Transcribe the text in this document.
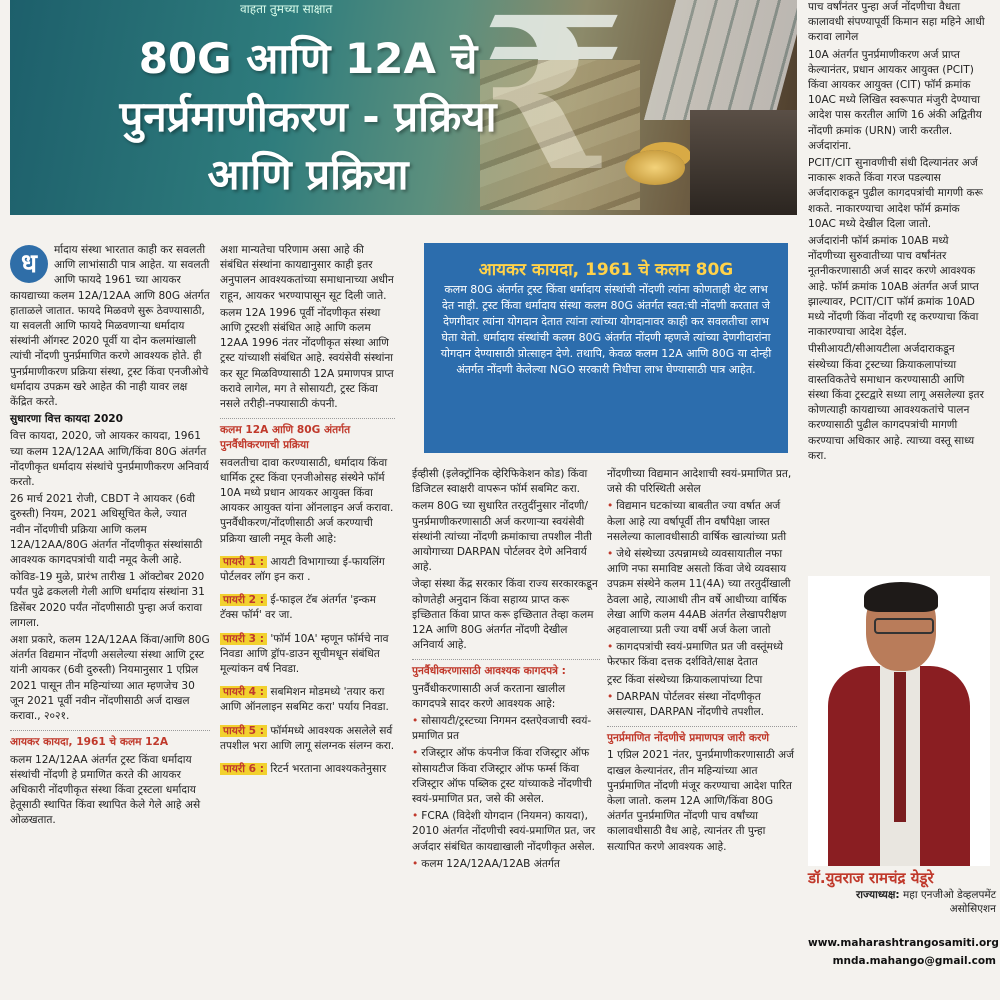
वाहता तुमच्या साक्षात
80G आणि 12A चे
पुनर्प्रमाणीकरण - प्रक्रिया
आणि प्रक्रिया
ध	र्मादाय संस्था भारतात काही कर सवलती आणि लाभांसाठी पात्र आहेत. या सवलती आणि फायदे 1961 च्या आयकर कायद्याच्या कलम 12A/12AA आणि 80G अंतर्गत हाताळले जातात. फायदे मिळवणे सुरू ठेवण्यासाठी, या सवलती आणि फायदे मिळवणाऱ्या धर्मादाय संस्थांनी ऑगस्ट 2020 पूर्वी या दोन कलमांखाली त्यांची नोंदणी पुनर्प्रमाणित करणे आवश्यक होते. ही पुनर्प्रमाणीकरण प्रक्रिया संस्था, ट्रस्ट किंवा एनजीओचे धर्मादाय उपक्रम खरे आहेत की नाही यावर लक्ष केंद्रित करते.

सुधारणा वित्त कायदा 2020

वित्त कायदा, 2020, जो आयकर कायदा, 1961 च्या कलम 12A/12AA आणि/किंवा 80G अंतर्गत नोंदणीकृत धर्मादाय संस्थांचे पुनर्प्रमाणीकरण अनिवार्य करतो.

26 मार्च 2021 रोजी, CBDT ने आयकर (6वी दुरुस्ती) नियम, 2021 अधिसूचित केले, ज्यात नवीन नोंदणीची प्रक्रिया आणि कलम 12A/12AA/80G अंतर्गत नोंदणीकृत संस्थांसाठी आवश्यक कागदपत्रांची यादी नमूद केली आहे.

कोविड-19 मुळे, प्रारंभ तारीख 1 ऑक्टोबर 2020 पर्यंत पुढे ढकलली गेली आणि धर्मादाय संस्थांना 31 डिसेंबर 2020 पर्यंत नोंदणीसाठी पुन्हा अर्ज करावा लागला.

अशा प्रकारे, कलम 12A/12AA किंवा/आणि 80G अंतर्गत विद्यमान नोंदणी असलेल्या संस्था आणि ट्रस्ट यांनी आयकर (6वी दुरुस्ती) नियमानुसार 1 एप्रिल 2021 पासून तीन महिन्यांच्या आत म्हणजेच 30 जून 2021 पूर्वी नवीन नोंदणीसाठी अर्ज दाखल करावा., २०२१.

आयकर कायदा, 1961 चे कलम 12A

कलम 12A/12AA अंतर्गत ट्रस्ट किंवा धर्मादाय संस्थांची नोंदणी हे प्रमाणित करते की आयकर अधिकारी नोंदणीकृत संस्था किंवा ट्रस्टला धर्मादाय हेतूसाठी स्थापित किंवा स्थापित केले गेले आहे असे ओळखतात.

अशा मान्यतेचा परिणाम असा आहे की संबंधित संस्थांना कायद्यानुसार काही इतर अनुपालन आवश्यकतांच्या समाधानाच्या अधीन राहून, आयकर भरण्यापासून सूट दिली जाते.

कलम 12A 1996 पूर्वी नोंदणीकृत संस्था आणि ट्रस्टशी संबंधित आहे आणि कलम 12AA 1996 नंतर नोंदणीकृत संस्था आणि ट्रस्ट यांच्याशी संबंधित आहे. स्वयंसेवी संस्थांना कर सूट मिळविण्यासाठी 12A प्रमाणपत्र प्राप्त करावे लागेल, मग ते सोसायटी, ट्रस्ट किंवा नसले तरीही-नफ्यासाठी कंपनी.

कलम 12A आणि 80G अंतर्गत पुनर्वैधीकरणाची प्रक्रिया

सवलतीचा दावा करण्यासाठी, धर्मादाय किंवा धार्मिक ट्रस्ट किंवा एनजीओसह संस्थेने फॉर्म 10A मध्ये प्रधान आयकर आयुक्त किंवा आयकर आयुक्त यांना ऑनलाइन अर्ज करावा. पुनर्वैधीकरण/नोंदणीसाठी अर्ज करण्याची प्रक्रिया खाली नमूद केली आहे:

पायरी 1 : आयटी विभागाच्या ई-फायलिंग पोर्टलवर लॉग इन करा .
पायरी 2 : ई-फाइल टॅब अंतर्गत 'इन्कम टॅक्स फॉर्म' वर जा.
पायरी 3 : 'फॉर्म 10A' म्हणून फॉर्मचे नाव निवडा आणि ड्रॉप-डाउन सूचीमधून संबंधित मूल्यांकन वर्ष निवडा.
पायरी 4 : सबमिशन मोडमध्ये 'तयार करा आणि ऑनलाइन सबमिट करा' पर्याय निवडा.
पायरी 5 : फॉर्ममध्ये आवश्यक असलेले सर्व तपशील भरा आणि लागू संलग्नक संलग्न करा.
पायरी 6 : रिटर्न भरताना आवश्यकतेनुसार
आयकर कायदा, 1961 चे कलम 80G

कलम 80G अंतर्गत ट्रस्ट किंवा धर्मादाय संस्थांची नोंदणी त्यांना कोणताही थेट लाभ देत नाही. ट्रस्ट किंवा धर्मादाय संस्था कलम 80G अंतर्गत स्वत:ची नोंदणी करतात जे देणगीदार त्यांना योगदान देतात त्यांना त्यांच्या योगदानावर काही कर सवलतीचा लाभ घेता येतो. धर्मादाय संस्थांची कलम 80G अंतर्गत नोंदणी म्हणजे त्यांच्या देणगीदारांना योगदान देण्यासाठी प्रोत्साहन देणे. तथापि, केवळ कलम 12A आणि 80G या दोन्ही अंतर्गत नोंदणी केलेल्या NGO सरकारी निधीचा लाभ घेण्यासाठी पात्र आहेत.

ईव्हीसी (इलेक्ट्रॉनिक व्हेरिफिकेशन कोड) किंवा डिजिटल स्वाक्षरी वापरून फॉर्म सबमिट करा.

कलम 80G च्या सुधारित तरतुदींनुसार नोंदणी/पुनर्प्रमाणीकरणासाठी अर्ज करणाऱ्या स्वयंसेवी संस्थांनी त्यांच्या नोंदणी क्रमांकाचा तपशील नीती आयोगाच्या DARPAN पोर्टलवर देणे अनिवार्य आहे.

जेव्हा संस्था केंद्र सरकार किंवा राज्य सरकारकडून कोणतेही अनुदान किंवा सहाय्य प्राप्त करू इच्छितात किंवा प्राप्त करू इच्छितात तेव्हा कलम 12A आणि 80G अंतर्गत नोंदणी देखील अनिवार्य आहे.

पुनर्वैधीकरणासाठी आवश्यक कागदपत्रे :

पुनर्वैधीकरणासाठी अर्ज करताना खालील कागदपत्रे सादर करणे आवश्यक आहे:

• सोसायटी/ट्रस्टच्या निगमन दस्तऐवजाची स्वयं-प्रमाणित प्रत
• रजिस्ट्रार ऑफ कंपनीज किंवा रजिस्ट्रार ऑफ सोसायटीज किंवा रजिस्ट्रार ऑफ फर्म्स किंवा रजिस्ट्रार ऑफ पब्लिक ट्रस्ट यांच्याकडे नोंदणीची स्वयं-प्रमाणित प्रत, जसे की असेल.
• FCRA (विदेशी योगदान (नियमन) कायदा), 2010 अंतर्गत नोंदणीची स्वयं-प्रमाणित प्रत, जर अर्जदार संबंधित कायद्याखाली नोंदणीकृत असेल.
• कलम 12A/12AA/12AB अंतर्गत

नोंदणीच्या विद्यमान आदेशाची स्वयं-प्रमाणित प्रत, जसे की परिस्थिती असेल

• विद्यमान घटकांच्या बाबतीत ज्या वर्षात अर्ज केला आहे त्या वर्षापूर्वी तीन वर्षांपेक्षा जास्त नसलेल्या कालावधीसाठी वार्षिक खात्यांच्या प्रती
• जेथे संस्थेच्या उत्पन्नामध्ये व्यवसायातील नफा आणि नफा समाविष्ट असतो किंवा जेथे व्यवसाय उपक्रम संस्थेने कलम 11(4A) च्या तरतुदींखाली ठेवला आहे, त्याआधी तीन वर्षे आधीच्या वार्षिक लेखा आणि कलम 44AB अंतर्गत लेखापरीक्षण अहवालाच्या प्रती ज्या वर्षी अर्ज केला जातो
• कागदपत्रांची स्वयं-प्रमाणित प्रत जी वस्तूंमध्ये फेरफार किंवा दत्तक दर्शविते/साक्ष देतात

ट्रस्ट किंवा संस्थेच्या क्रियाकलापांच्या टिपा

• DARPAN पोर्टलवर संस्था नोंदणीकृत असल्यास, DARPAN नोंदणीचे तपशील.

पुनर्प्रमाणित नोंदणीचे प्रमाणपत्र जारी करणे

1 एप्रिल 2021 नंतर, पुनर्प्रमाणीकरणासाठी अर्ज दाखल केल्यानंतर, तीन महिन्यांच्या आत पुनर्प्रमाणित नोंदणी मंजूर करण्याचा आदेश पारित केला जातो. कलम 12A आणि/किंवा 80G अंतर्गत पुनर्प्रमाणित नोंदणी पाच वर्षांच्या कालावधीसाठी वैध आहे, त्यानंतर ती पुन्हा सत्यापित करणे आवश्यक आहे.

पाच वर्षांनंतर पुन्हा अर्ज नोंदणीचा वैधता कालावधी संपण्यापूर्वी किमान सहा महिने आधी करावा लागेल

10A अंतर्गत पुनर्प्रमाणीकरण अर्ज प्राप्त केल्यानंतर, प्रधान आयकर आयुक्त (PCIT) किंवा आयकर आयुक्त (CIT) फॉर्म क्रमांक 10AC मध्ये लिखित स्वरूपात मंजुरी देण्याचा आदेश पास करतील आणि 16 अंकी अद्वितीय नोंदणी क्रमांक (URN) जारी करतील. अर्जदारांना.

PCIT/CIT सुनावणीची संधी दिल्यानंतर अर्ज नाकारू शकते किंवा गरज पडल्यास अर्जदाराकडून पुढील कागदपत्रांची मागणी करू शकते. नाकारण्याचा आदेश फॉर्म क्रमांक 10AC मध्ये देखील दिला जातो.

अर्जदारांनी फॉर्म क्रमांक 10AB मध्ये नोंदणीच्या सुरुवातीच्या पाच वर्षांनंतर नूतनीकरणासाठी अर्ज सादर करणे आवश्यक आहे. फॉर्म क्रमांक 10AB अंतर्गत अर्ज प्राप्त झाल्यावर, PCIT/CIT फॉर्म क्रमांक 10AD मध्ये नोंदणी किंवा नोंदणी रद्द करण्याचा किंवा नाकारण्याचा आदेश देईल.

पीसीआयटी/सीआयटीला अर्जदाराकडून संस्थेच्या किंवा ट्रस्टच्या क्रियाकलापांच्या वास्तविकतेचे समाधान करण्यासाठी आणि संस्था किंवा ट्रस्टद्वारे सध्या लागू असलेल्या इतर कोणत्याही कायद्याच्या आवश्यकतांचे पालन करण्यासाठी पुढील कागदपत्रांची मागणी करण्याचा अधिकार आहे. त्याच्या वस्तू साध्य करा.

डॉ.युवराज रामचंद्र येडूरे
राज्याध्यक्ष: महा एनजीओ डेव्हलपमेंट असोसिएशन
www.maharashtrangosamiti.org
mnda.mahango@gmail.com
